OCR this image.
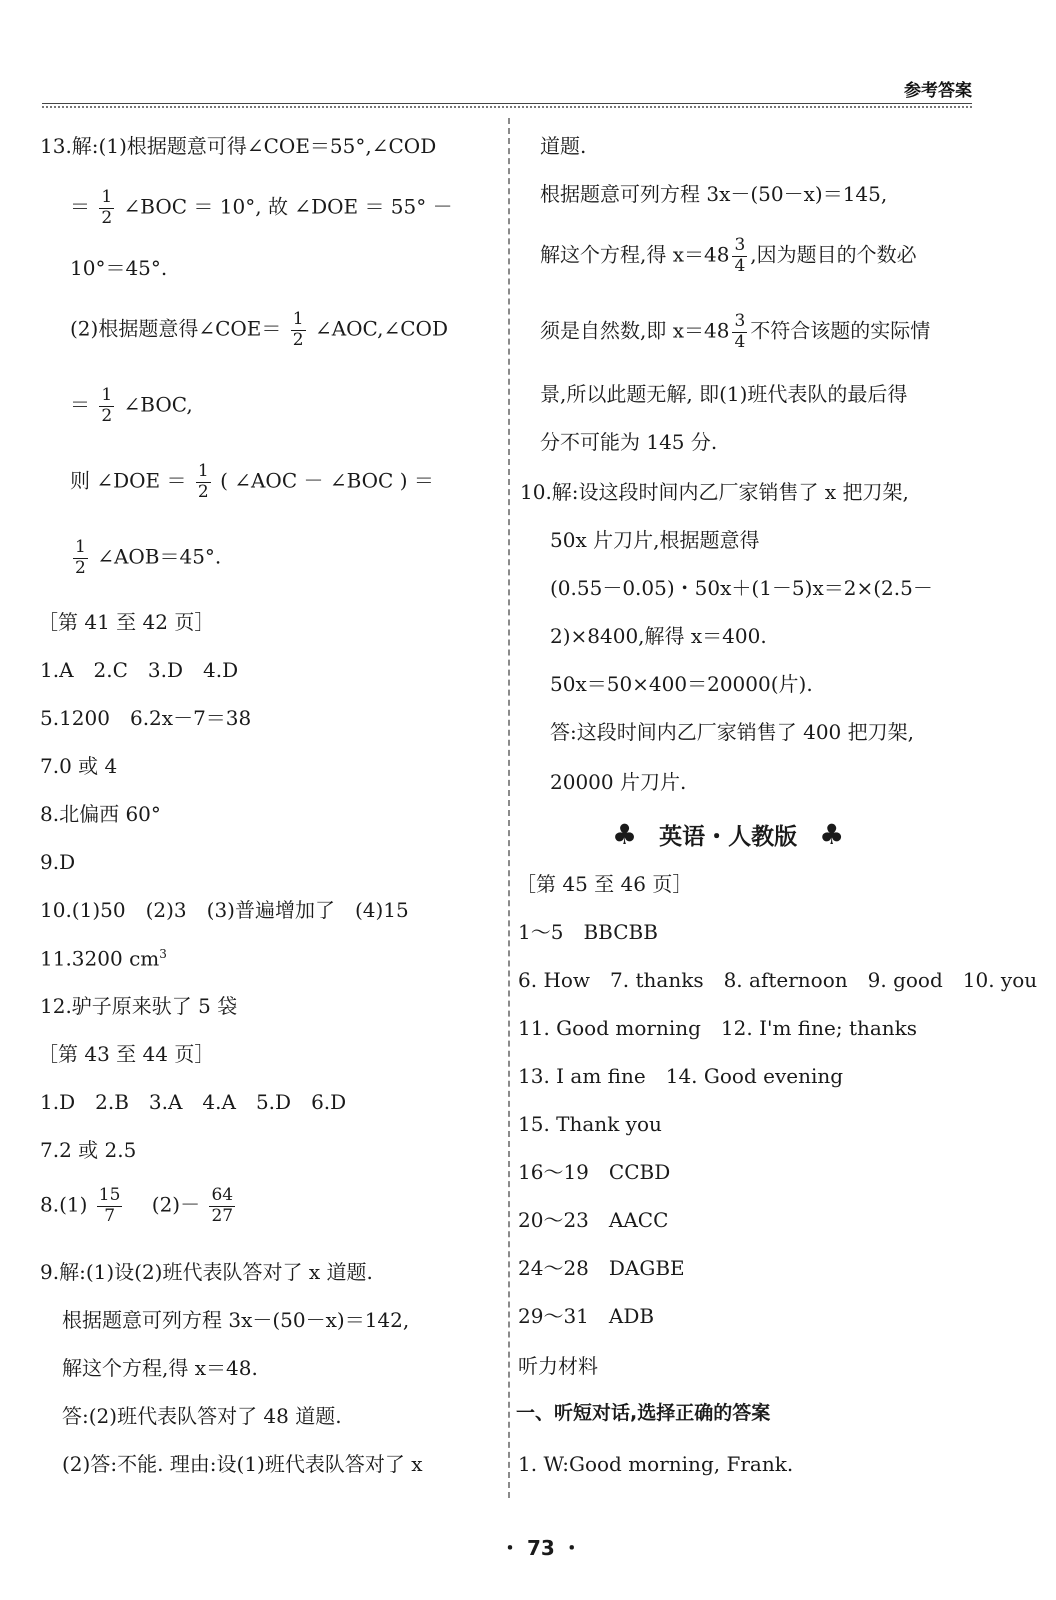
参考答案
13.解:(1)根据题意可得∠COE＝55°,∠COD
＝ $\frac{1}{2}$ ∠BOC ＝ 10°, 故 ∠DOE ＝ 55° －
10°＝45°.
(2)根据题意得∠COE＝ $\frac{1}{2}$ ∠AOC,∠COD
＝ $\frac{1}{2}$ ∠BOC,
则 ∠DOE ＝ $\frac{1}{2}$ ( ∠AOC － ∠BOC ) ＝
$\frac{1}{2}$ ∠AOB＝45°.
［第 41 至 42 页］
1.A　2.C　3.D　4.D
5.1200　6.2x－7＝38
7.0 或 4
8.北偏西 60°
9.D
10.(1)50　(2)3　(3)普遍增加了　(4)15
11.3200 $cm^3$
12.驴子原来驮了 5 袋
［第 43 至 44 页］
1.D　2.B　3.A　4.A　5.D　6.D
7.2 或 2.5
$8.(1) \frac{15}{7}$ 　$(2)- \frac{64}{27}$
9.解:(1)设(2)班代表队答对了 x 道题.
根据题意可列方程 3x－(50－x)＝142,
解这个方程,得 x＝48.
答:(2)班代表队答对了 48 道题.
(2)答:不能. 理由:设(1)班代表队答对了 x
道题.
根据题意可列方程 3x－(50－x)＝145,
解这个方程,得 $x=48 \frac{3}{4}$ ,因为题目的个数必
须是自然数,即 $x=48 \frac{3}{4}$ 不符合该题的实际情
景,所以此题无解, 即(1)班代表队的最后得
分不可能为 145 分.
10.解:设这段时间内乙厂家销售了 x 把刀架,
50x 片刀片,根据题意得
(0.55－0.05)・50x＋(1－5)x＝2×(2.5－
2)×8400,解得 x＝400.
50x＝50×400＝20000(片).
答:这段时间内乙厂家销售了 400 把刀架,
20000 片刀片.
♣ 英语・人教版 ♣
［第 45 至 46 页］
1～5　BBCBB
6. How　7. thanks　8. afternoon　9. good　10. you
11. Good morning　12. I'm fine; thanks
13. I am fine　14. Good evening
15. Thank you
16～19　CCBD
20～23　AACC
24～28　DAGBE
29～31　ADB
听力材料
一、听短对话,选择正确的答案
1. W:Good morning, Frank.
・ 73 ・
